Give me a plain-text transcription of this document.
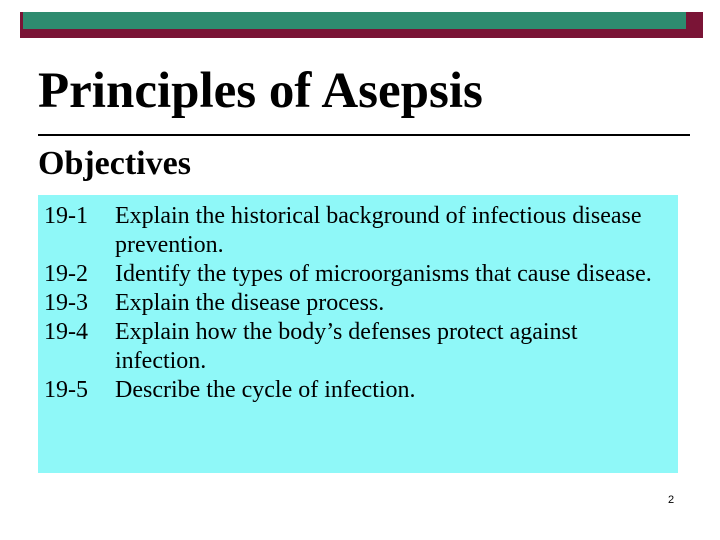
Principles of Asepsis
Objectives
19-1	Explain the historical background of infectious disease prevention.
19-2	Identify the types of microorganisms that cause disease.
19-3	Explain the disease process.
19-4	Explain how the body’s defenses protect against infection.
19-5	Describe the cycle of infection.
2
